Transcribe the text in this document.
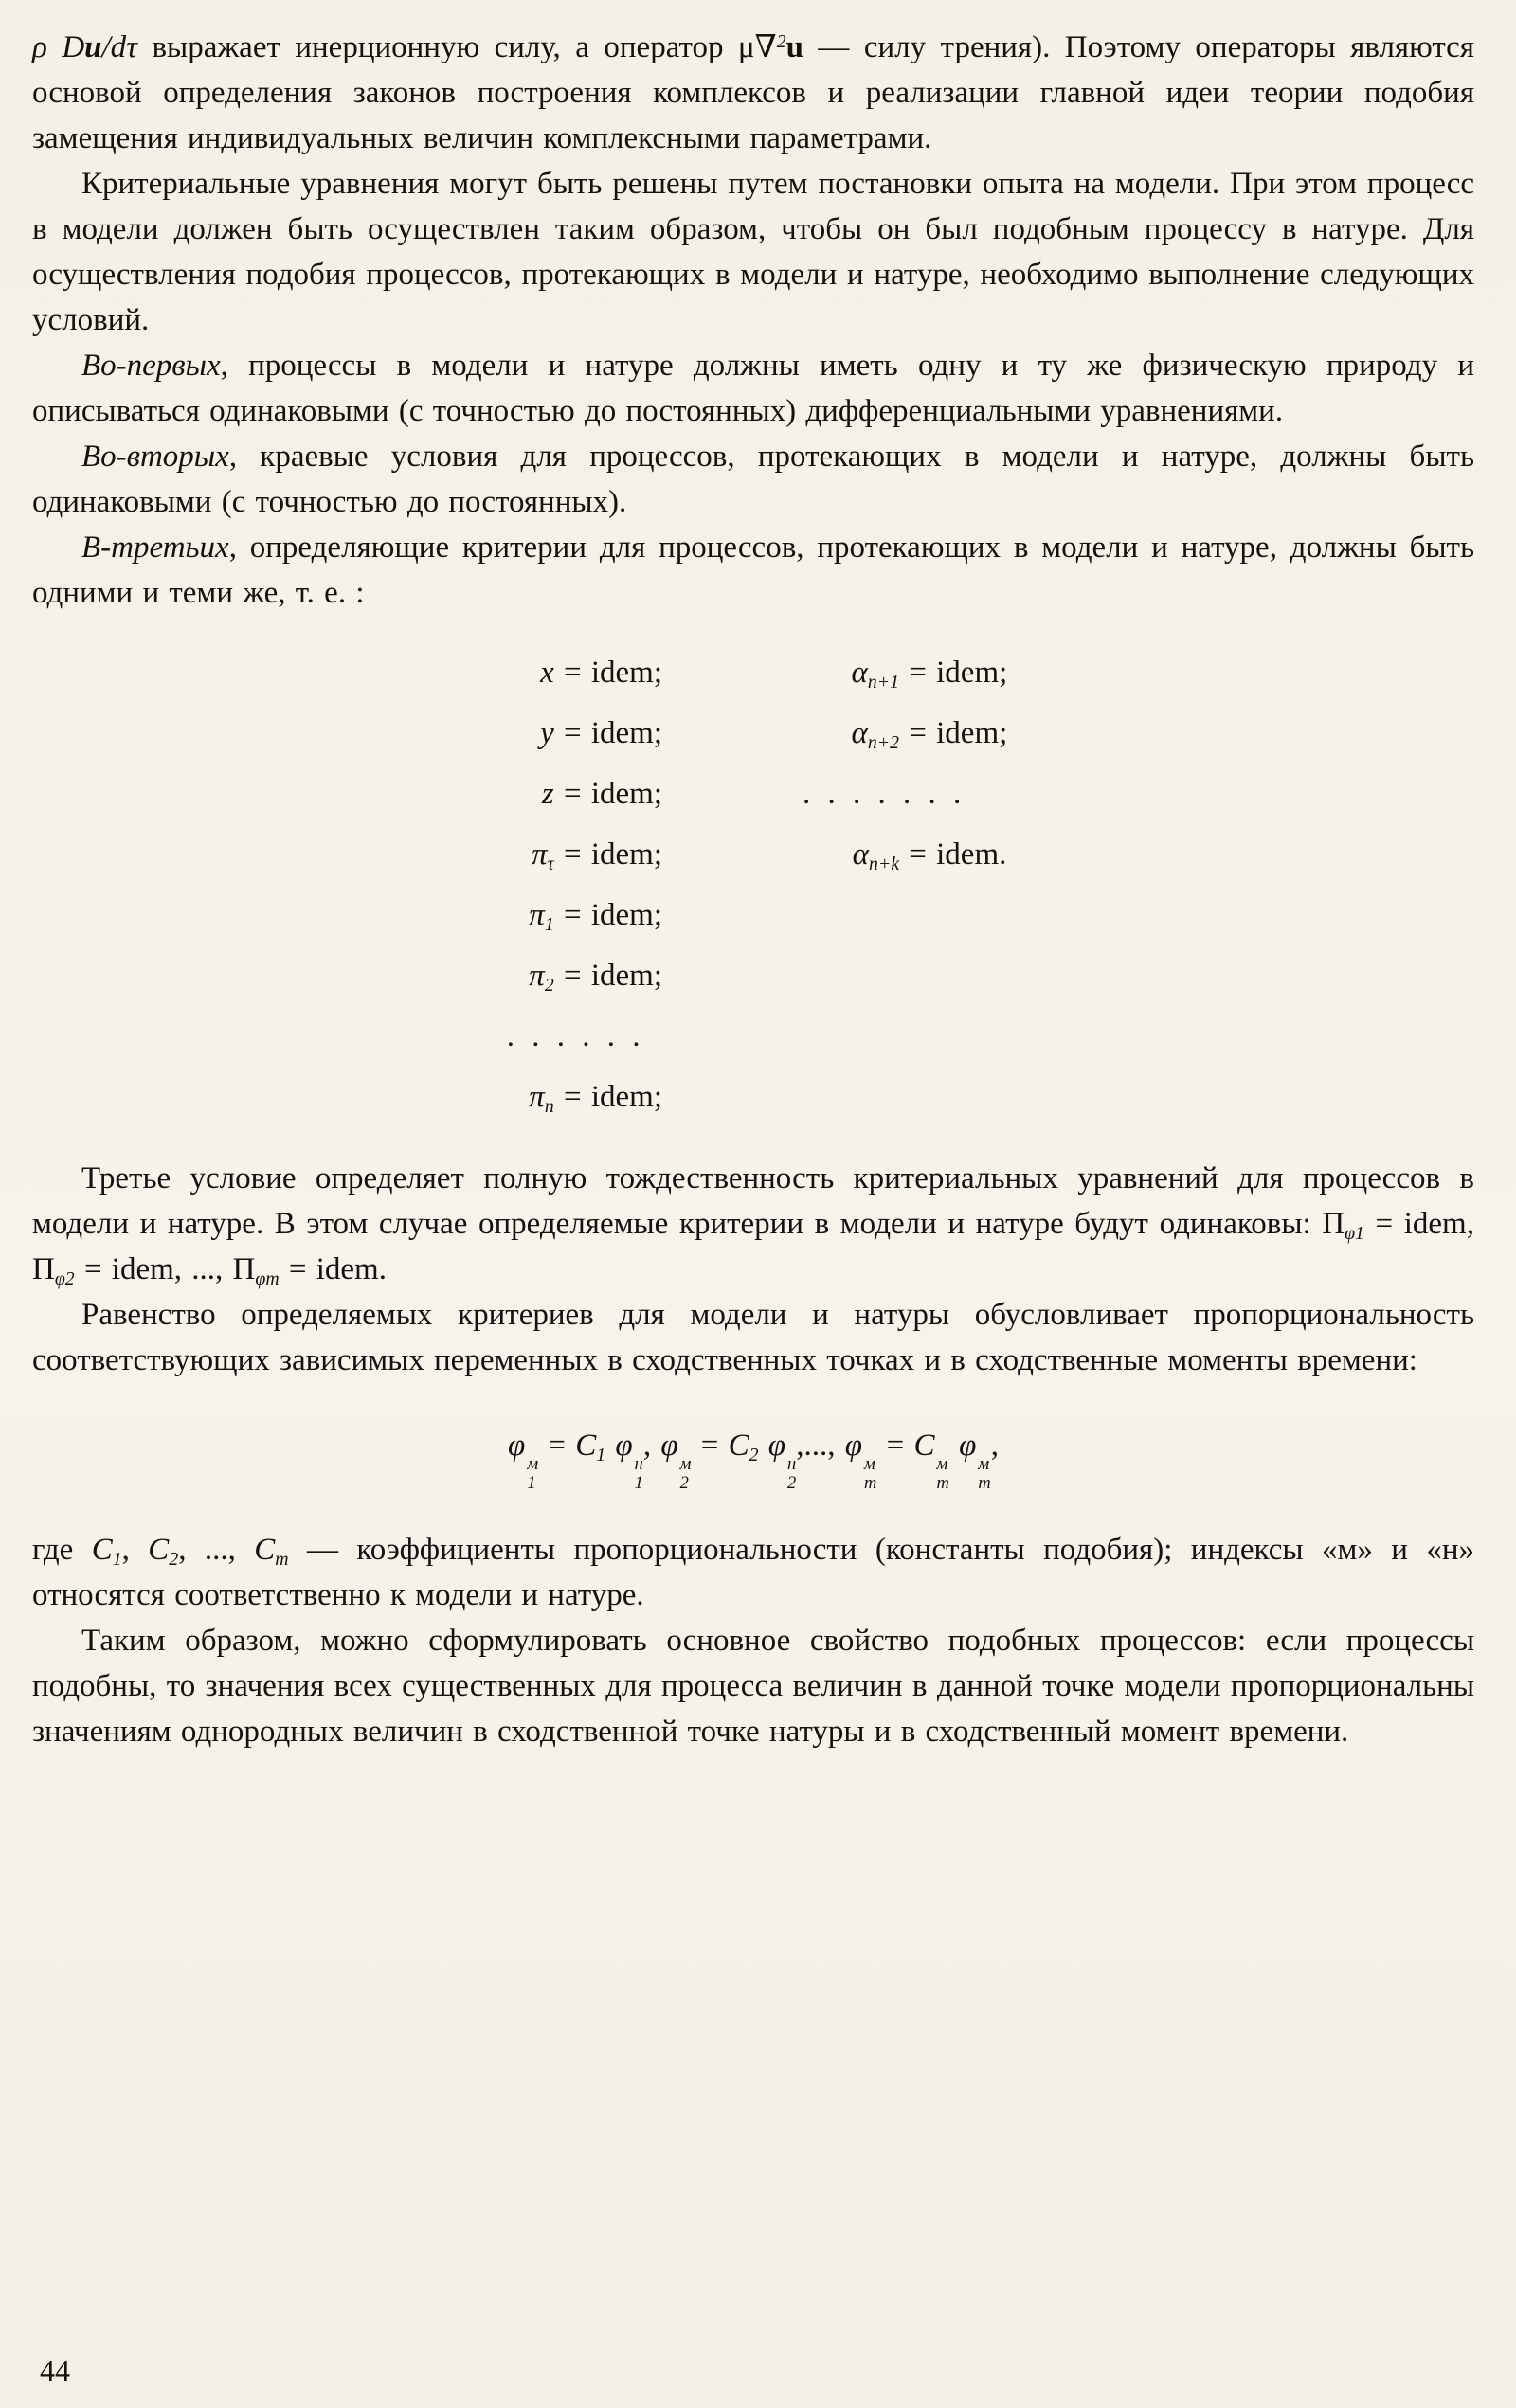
ρ Du/dτ выражает инерционную силу, а оператор μ∇$^2$u — силу трения). Поэтому операторы являются основой определения законов построения комплексов и реализации главной идеи теории подобия замещения индивидуальных величин комплексными параметрами.

Критериальные уравнения могут быть решены путем постановки опыта на модели. При этом процесс в модели должен быть осуществлен таким образом, чтобы он был подобным процессу в натуре. Для осуществления подобия процессов, протекающих в модели и натуре, необходимо выполнение следующих условий.

Во-первых, процессы в модели и натуре должны иметь одну и ту же физическую природу и описываться одинаковыми (с точностью до постоянных) дифференциальными уравнениями.

Во-вторых, краевые условия для процессов, протекающих в модели и натуре, должны быть одинаковыми (с точностью до постоянных).

В-третьих, определяющие критерии для процессов, протекающих в модели и натуре, должны быть одними и теми же, т. е. :

x = idem;
y = idem;
z = idem;
$\pi_\tau$ = idem;
$\pi_1$ = idem;
$\pi_2$ = idem;
. . . . . .
$\pi_n$ = idem;
$\alpha_{n+1}$ = idem;
$\alpha_{n+2}$ = idem;
. . . . . . .
$\alpha_{n+k}$ = idem.

Третье условие определяет полную тождественность критериальных уравнений для процессов в модели и натуре. В этом случае определяемые критерии в модели и натуре будут одинаковы: $П_{\varphi 1}$ = idem, $П_{\varphi 2}$ = idem, ..., $П_{\varphi m}$ = idem.

Равенство определяемых критериев для модели и натуры обусловливает пропорциональность соответствующих зависимых переменных в сходственных точках и в сходственные моменты времени:

φ
м
1
= $C_1$ φ
н
1
, φ
м
2
= $C_2$ φ
н
2
,..., φ
м
m
= C
м
m
φ
м
m
,

где $C_1$, $C_2$, ..., $C_m$ — коэффициенты пропорциональности (константы подобия); индексы «м» и «н» относятся соответственно к модели и натуре.

Таким образом, можно сформулировать основное свойство подобных процессов: если процессы подобны, то значения всех существенных для процесса величин в данной точке модели пропорциональны значениям однородных величин в сходственной точке натуры и в сходственный момент времени.

44
